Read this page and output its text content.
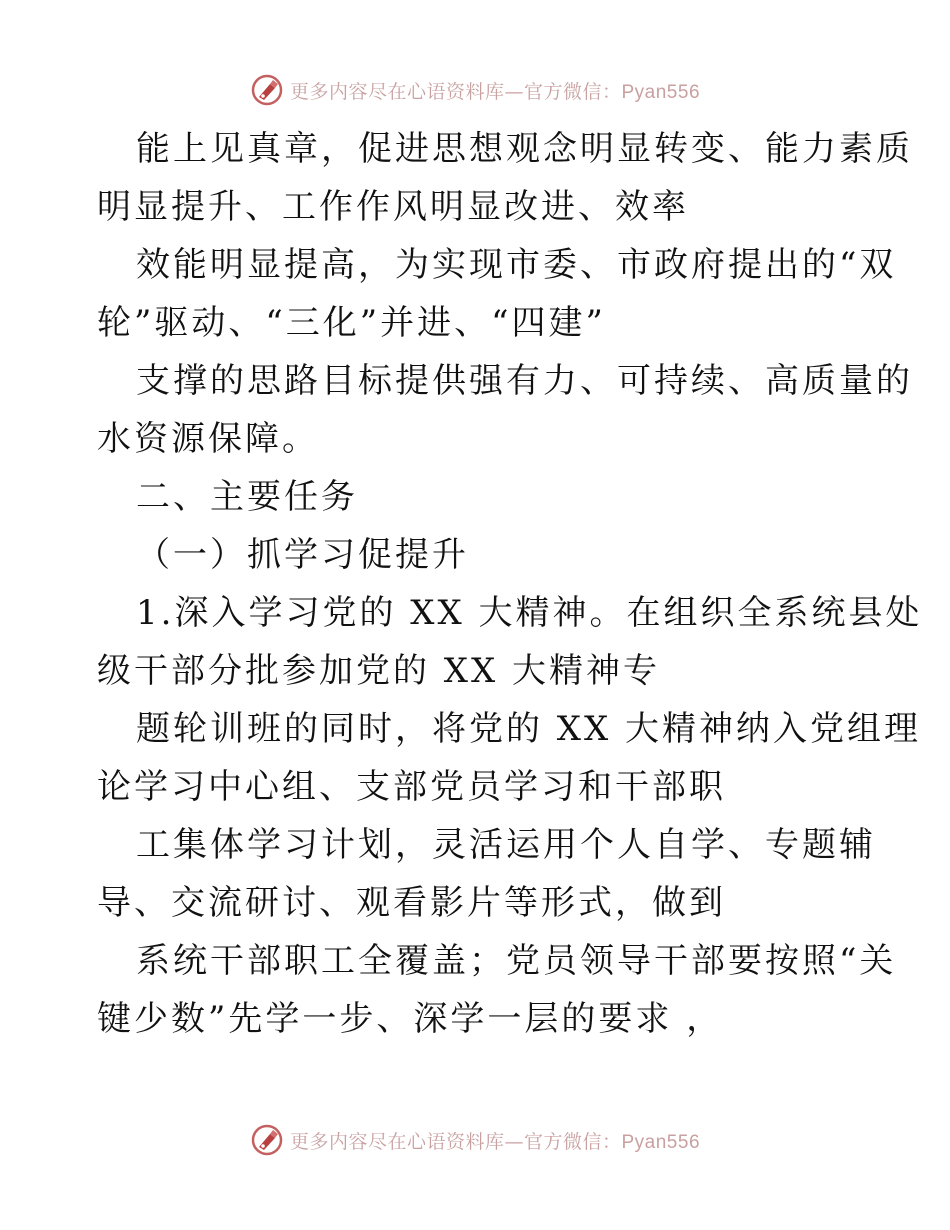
更多内容尽在心语资料库—官方微信：Pyan556
能上见真章，促进思想观念明显转变、能力素质
明显提升、工作作风明显改进、效率
效能明显提高，为实现市委、市政府提出的“双
轮”驱动、“三化”并进、“四建”
支撑的思路目标提供强有力、可持续、高质量的
水资源保障。
二、主要任务
（一）抓学习促提升
1.深入学习党的 XX 大精神。在组织全系统县处
级干部分批参加党的 XX 大精神专
题轮训班的同时，将党的 XX 大精神纳入党组理
论学习中心组、支部党员学习和干部职
工集体学习计划，灵活运用个人自学、专题辅
导、交流研讨、观看影片等形式，做到
系统干部职工全覆盖；党员领导干部要按照“关
键少数”先学一步、深学一层的要求 ，
更多内容尽在心语资料库—官方微信：Pyan556
